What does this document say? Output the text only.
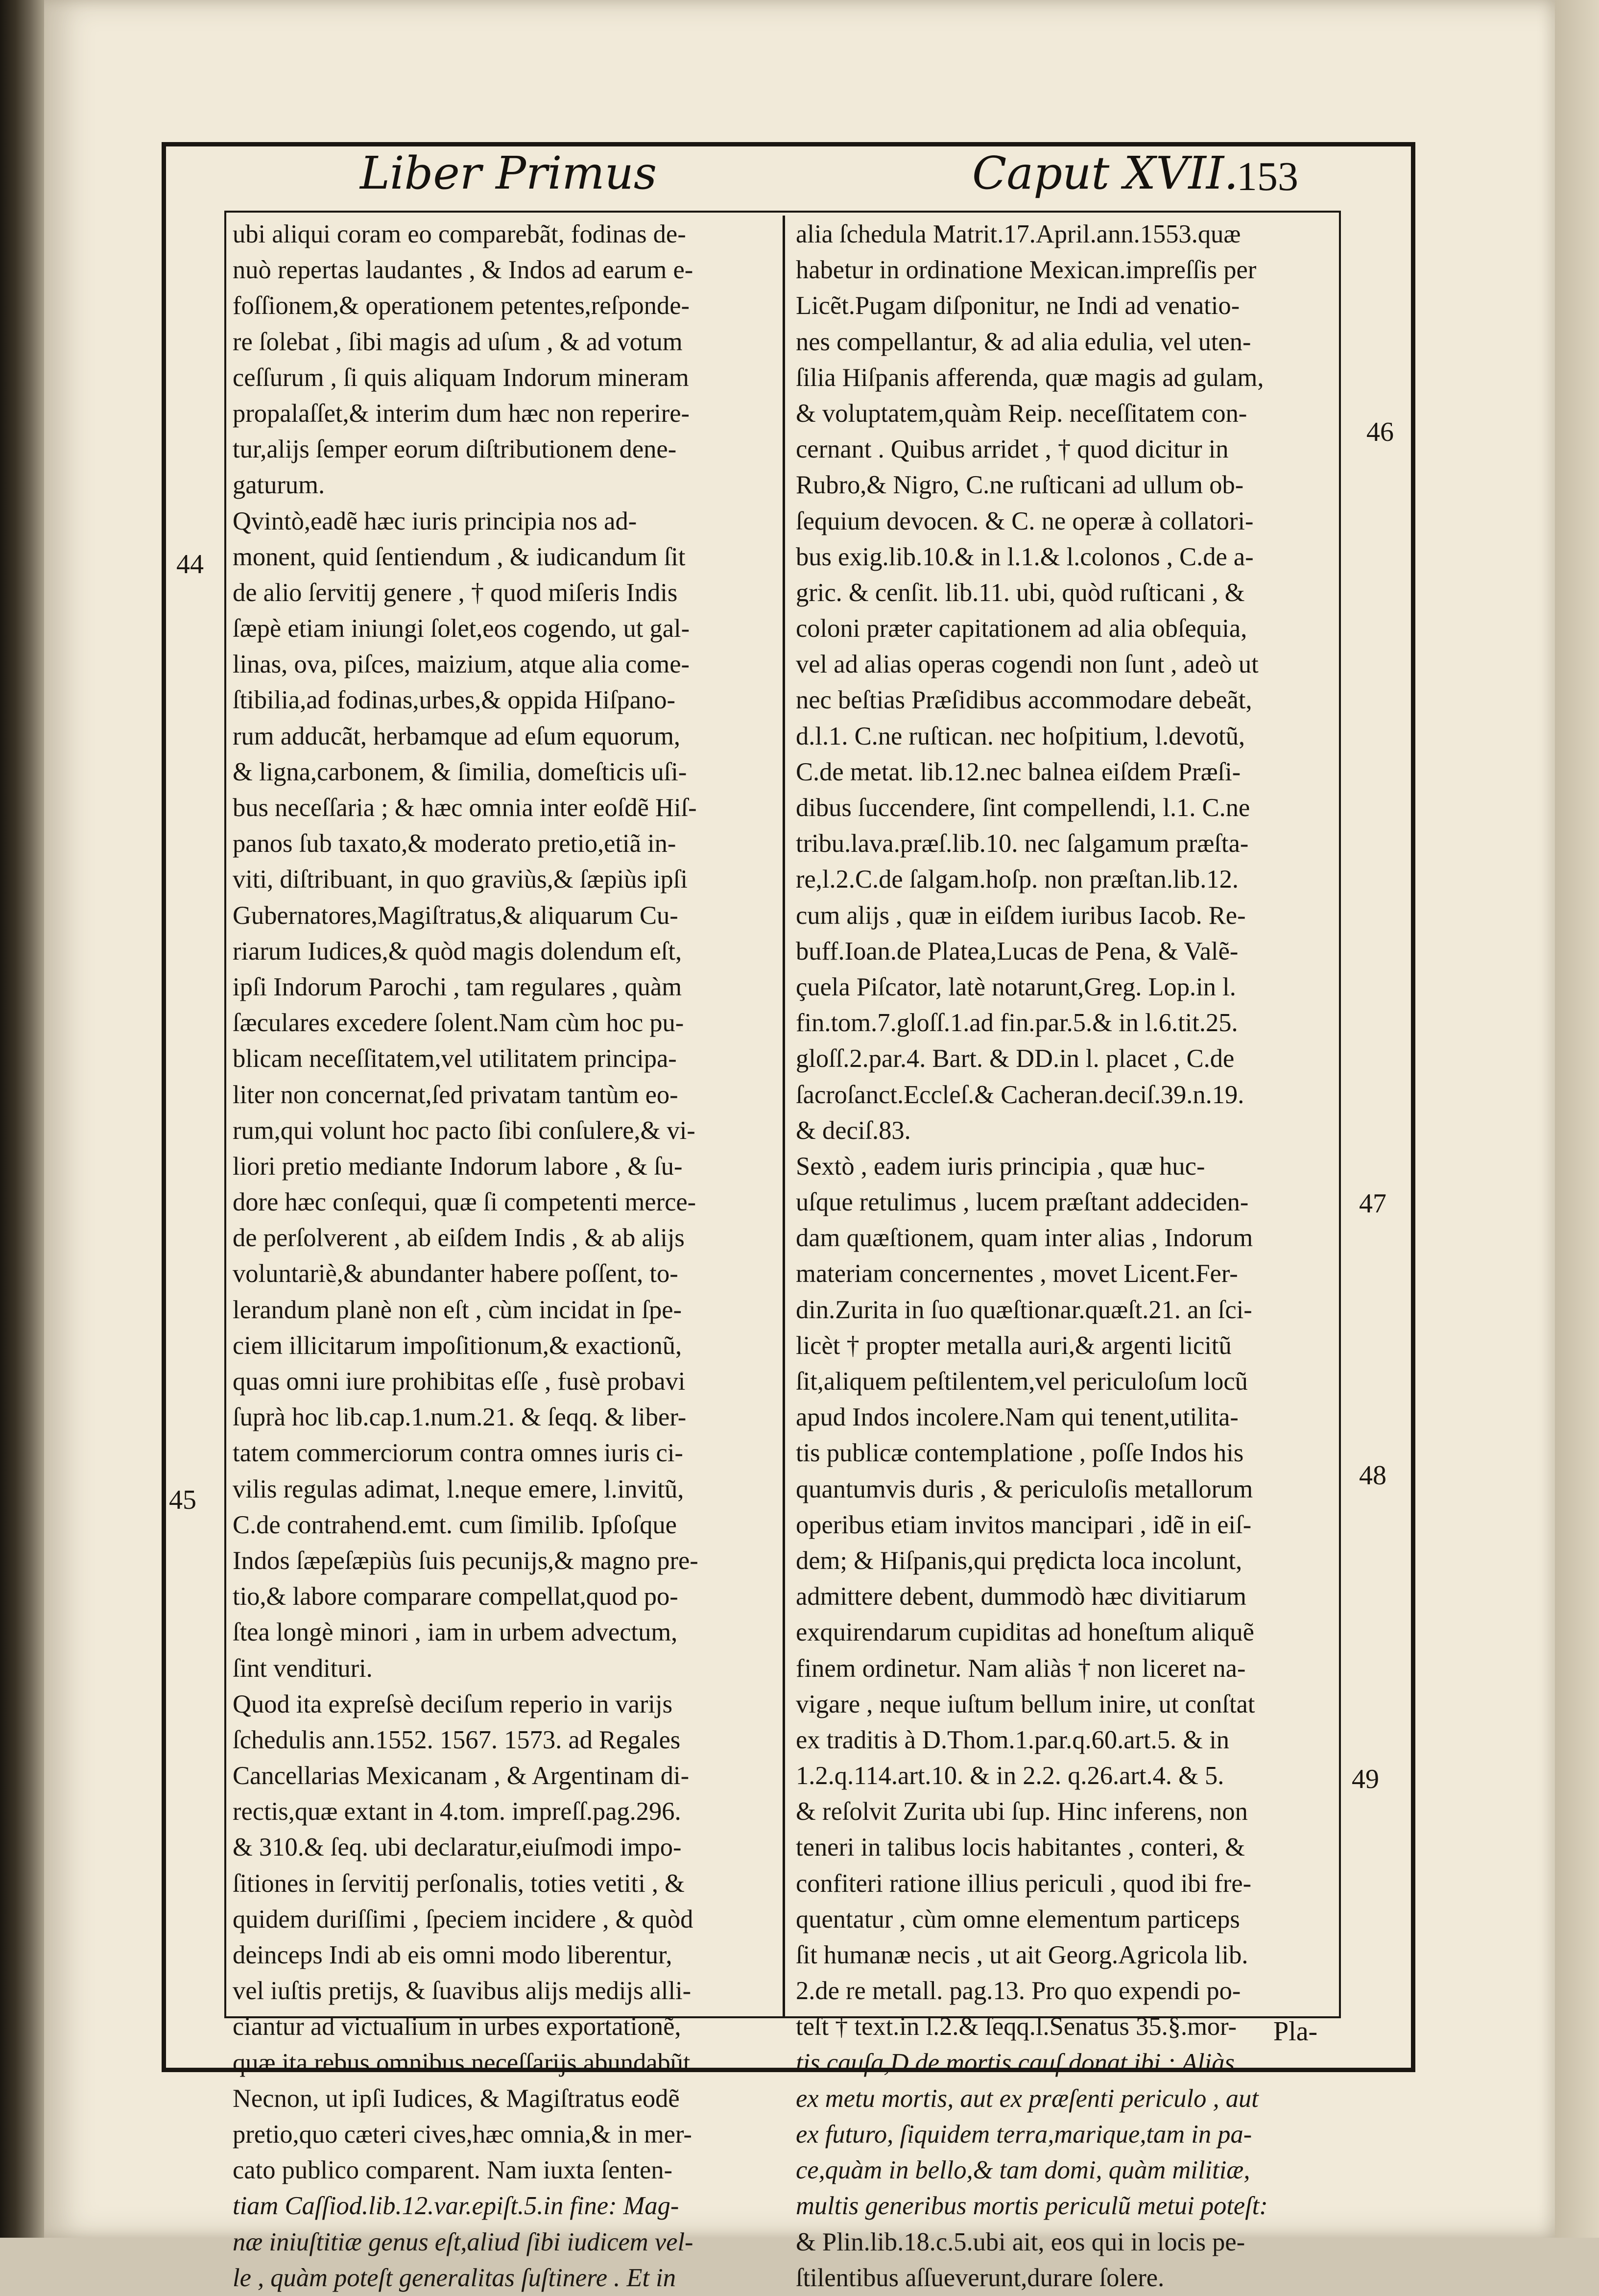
Liber Primus	Caput XVII.
153
ubi aliqui coram eo comparebãt, fodinas de-
nuò repertas laudantes , & Indos ad earum e-
foſſionem,& operationem petentes,reſponde-
re ſolebat , ſibi magis ad uſum , & ad votum
ceſſurum , ſi quis aliquam Indorum mineram
propalaſſet,& interim dum hæc non reperire-
tur,alijs ſemper eorum diſtributionem dene-
gaturum.
Qvintò,eadẽ hæc iuris principia nos ad-
monent, quid ſentiendum , & iudicandum ſit
de alio ſervitij genere , † quod miſeris Indis
ſæpè etiam iniungi ſolet,eos cogendo, ut gal-
linas, ova, piſces, maizium, atque alia come-
ſtibilia,ad fodinas,urbes,& oppida Hiſpano-
rum adducãt, herbamque ad eſum equorum,
& ligna,carbonem, & ſimilia, domeſticis uſi-
bus neceſſaria ; & hæc omnia inter eoſdẽ Hiſ-
panos ſub taxato,& moderato pretio,etiã in-
viti, diſtribuant, in quo graviùs,& ſæpiùs ipſi
Gubernatores,Magiſtratus,& aliquarum Cu-
riarum Iudices,& quòd magis dolendum eſt,
ipſi Indorum Parochi , tam regulares , quàm
ſæculares excedere ſolent.Nam cùm hoc pu-
blicam neceſſitatem,vel utilitatem principa-
liter non concernat,ſed privatam tantùm eo-
rum,qui volunt hoc pacto ſibi conſulere,& vi-
liori pretio mediante Indorum labore , & ſu-
dore hæc conſequi, quæ ſi competenti merce-
de perſolverent , ab eiſdem Indis , & ab alijs
voluntariè,& abundanter habere poſſent, to-
lerandum planè non eſt , cùm incidat in ſpe-
ciem illicitarum impoſitionum,& exactionũ,
quas omni iure prohibitas eſſe , fusè probavi
ſuprà hoc lib.cap.1.num.21. & ſeqq. & liber-
tatem commerciorum contra omnes iuris ci-
vilis regulas adimat, l.neque emere, l.invitũ,
C.de contrahend.emt. cum ſimilib. Ipſoſque
Indos ſæpeſæpiùs ſuis pecunijs,& magno pre-
tio,& labore comparare compellat,quod po-
ſtea longè minori , iam in urbem advectum,
ſint vendituri.
Quod ita expreſsè deciſum reperio in varijs
ſchedulis ann.1552. 1567. 1573. ad Regales
Cancellarias Mexicanam , & Argentinam di-
rectis,quæ extant in 4.tom. impreſſ.pag.296.
& 310.& ſeq. ubi declaratur,eiuſmodi impo-
ſitiones in ſervitij perſonalis, toties vetiti , &
quidem duriſſimi , ſpeciem incidere , & quòd
deinceps Indi ab eis omni modo liberentur,
vel iuſtis pretijs, & ſuavibus alijs medijs alli-
ciantur ad victualium in urbes exportationẽ,
quæ ita rebus omnibus neceſſarijs abundabũt.
Necnon, ut ipſi Iudices, & Magiſtratus eodẽ
pretio,quo cæteri cives,hæc omnia,& in mer-
cato publico comparent. Nam iuxta ſenten-
tiam Caſſiod.lib.12.var.epiſt.5.in fine: Mag-
næ iniuſtitiæ genus eſt,aliud ſibi iudicem vel-
le , quàm poteſt generalitas ſuſtinere . Et in
alia ſchedula Matrit.17.April.ann.1553.quæ
habetur in ordinatione Mexican.impreſſis per
Licẽt.Pugam diſponitur, ne Indi ad venatio-
nes compellantur, & ad alia edulia, vel uten-
ſilia Hiſpanis afferenda, quæ magis ad gulam,
& voluptatem,quàm Reip. neceſſitatem con-
cernant . Quibus arridet , † quod dicitur in
Rubro,& Nigro, C.ne ruſticani ad ullum ob-
ſequium devocen. & C. ne operæ à collatori-
bus exig.lib.10.& in l.1.& l.colonos , C.de a-
gric. & cenſit. lib.11. ubi, quòd ruſticani , &
coloni præter capitationem ad alia obſequia,
vel ad alias operas cogendi non ſunt , adeò ut
nec beſtias Præſidibus accommodare debeãt,
d.l.1. C.ne ruſtican. nec hoſpitium, l.devotũ,
C.de metat. lib.12.nec balnea eiſdem Præſi-
dibus ſuccendere, ſint compellendi, l.1. C.ne
tribu.lava.præſ.lib.10. nec ſalgamum præſta-
re,l.2.C.de ſalgam.hoſp. non præſtan.lib.12.
cum alijs , quæ in eiſdem iuribus Iacob. Re-
buff.Ioan.de Platea,Lucas de Pena, & Valẽ-
çuela Piſcator, latè notarunt,Greg. Lop.in l.
fin.tom.7.gloſſ.1.ad fin.par.5.& in l.6.tit.25.
gloſſ.2.par.4. Bart. & DD.in l. placet , C.de
ſacroſanct.Eccleſ.& Cacheran.deciſ.39.n.19.
& deciſ.83.
Sextò , eadem iuris principia , quæ huc-
uſque retulimus , lucem præſtant addeciden-
dam quæſtionem, quam inter alias , Indorum
materiam concernentes , movet Licent.Fer-
din.Zurita in ſuo quæſtionar.quæſt.21. an ſci-
licèt † propter metalla auri,& argenti licitũ
ſit,aliquem peſtilentem,vel periculoſum locũ
apud Indos incolere.Nam qui tenent,utilita-
tis publicæ contemplatione , poſſe Indos his
quantumvis duris , & periculoſis metallorum
operibus etiam invitos mancipari , idẽ in eiſ-
dem; & Hiſpanis,qui prędicta loca incolunt,
admittere debent, dummodò hæc divitiarum
exquirendarum cupiditas ad honeſtum aliquẽ
finem ordinetur. Nam aliàs † non liceret na-
vigare , neque iuſtum bellum inire, ut conſtat
ex traditis à D.Thom.1.par.q.60.art.5. & in
1.2.q.114.art.10. & in 2.2. q.26.art.4. & 5.
& reſolvit Zurita ubi ſup. Hinc inferens, non
teneri in talibus locis habitantes , conteri, &
confiteri ratione illius periculi , quod ibi fre-
quentatur , cùm omne elementum particeps
ſit humanæ necis , ut ait Georg.Agricola lib.
2.de re metall. pag.13. Pro quo expendi po-
teſt † text.in l.2.& ſeqq.l.Senatus 35.§.mor-
tis cauſa,D.de mortis cauſ.donat.ibi : Aliàs
ex metu mortis, aut ex præſenti periculo , aut
ex futuro, ſiquidem terra,marique,tam in pa-
ce,quàm in bello,& tam domi, quàm militiæ,
multis generibus mortis periculũ metui poteſt:
& Plin.lib.18.c.5.ubi ait, eos qui in locis pe-
ſtilentibus aſſueverunt,durare ſolere.
44
45
46
47
48
49
Pla-
